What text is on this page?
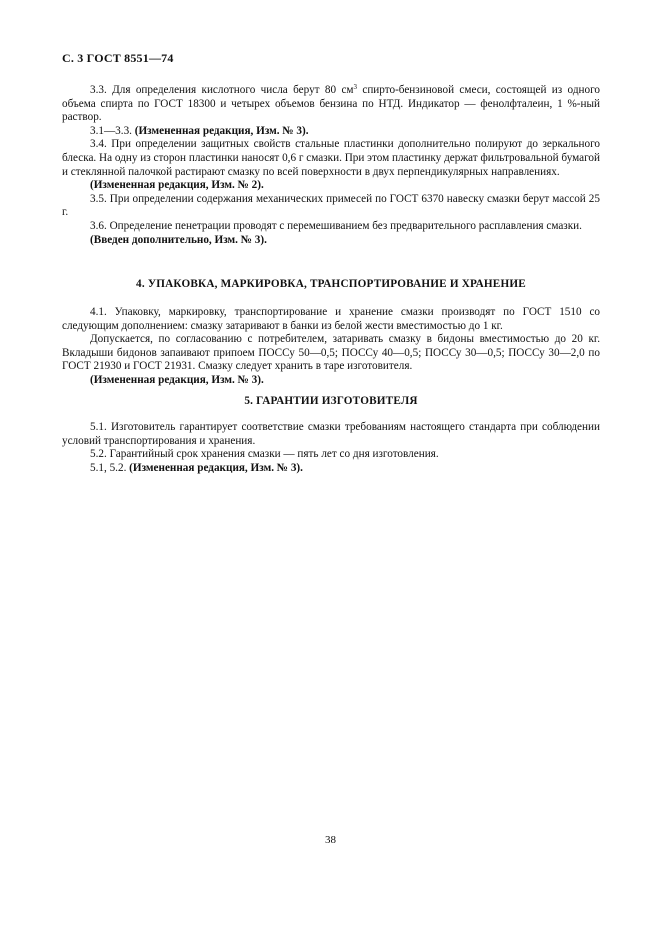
С. 3 ГОСТ 8551—74

3.3. Для определения кислотного числа берут 80 $см^3$ спирто-бензиновой смеси, состоящей из одного объема спирта по ГОСТ 18300 и четырех объемов бензина по НТД. Индикатор — фенолфталеин, 1 %-ный раствор.

3.1—3.3. (Измененная редакция, Изм. № 3).

3.4. При определении защитных свойств стальные пластинки дополнительно полируют до зеркального блеска. На одну из сторон пластинки наносят 0,6 г смазки. При этом пластинку держат фильтровальной бумагой и стеклянной палочкой растирают смазку по всей поверхности в двух перпендикулярных направлениях.

(Измененная редакция, Изм. № 2).

3.5. При определении содержания механических примесей по ГОСТ 6370 навеску смазки берут массой 25 г.

3.6. Определение пенетрации проводят с перемешиванием без предварительного расплавления смазки.

(Введен дополнительно, Изм. № 3).

4. УПАКОВКА, МАРКИРОВКА, ТРАНСПОРТИРОВАНИЕ И ХРАНЕНИЕ

4.1. Упаковку, маркировку, транспортирование и хранение смазки производят по ГОСТ 1510 со следующим дополнением: смазку затаривают в банки из белой жести вместимостью до 1 кг.

Допускается, по согласованию с потребителем, затаривать смазку в бидоны вместимостью до 20 кг. Вкладыши бидонов запаивают припоем ПОССу 50—0,5; ПОССу 40—0,5; ПОССу 30—0,5; ПОССу 30—2,0 по ГОСТ 21930 и ГОСТ 21931. Смазку следует хранить в таре изготовителя.

(Измененная редакция, Изм. № 3).

5. ГАРАНТИИ ИЗГОТОВИТЕЛЯ

5.1. Изготовитель гарантирует соответствие смазки требованиям настоящего стандарта при соблюдении условий транспортирования и хранения.

5.2. Гарантийный срок хранения смазки — пять лет со дня изготовления.

5.1, 5.2. (Измененная редакция, Изм. № 3).

38
